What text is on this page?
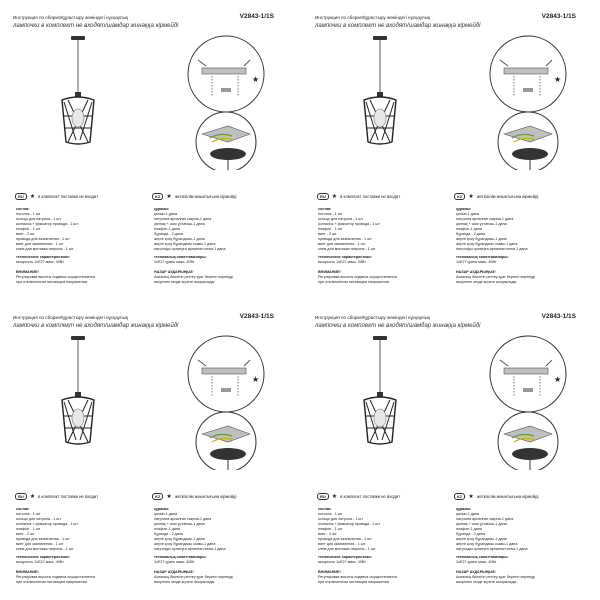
Инструкция по сборке/Құрастыру жөніндегі нұсқаулық	V2843-1/1S
лампочки в комплект не входят/шамдар жинаққа кірмейді
★
RU	★ в комплект поставки не входит	KZ	★ жеткізілім жиынтығына кірмейді
состав:
потолок - 1 шт
кольцо для патрона - 1 шт
колпачок + фиксатор провода - 1 шт
плафон - 1 шт
винт - 2 шт
провода для заземления - 1 шт
винт для заземления - 1 шт
клем для монтажа патрона - 1 шт
құрамы:
қалып-1 дана
патронға арналған сақина-1 дана
қалпақ + сым ұстағыш-1 дана
плафон-1 дана
бұранда - 2 дана
жерге қосу бұрандасы-1 дана
жерге қосу бұрандасы сымы-1 дана
патронды орнатуға арналған клем-1 дана
технические характеристики:
мощность 1хЕ27 макс. 40Вт
техникалық сипаттамалары:
1хЕ27 қуаты макс. 40Вт
ВНИМАНИЕ!
Регулировка высоты подвеса осуществляется
при отключенном питающем напряжении.
НАЗАР АУДАРЫҢЫЗ!
Аспаның биіктігін реттеу қуат беретін кернеуді
өшірілген кезде жүзеге асырылады.
Инструкция по сборке/Құрастыру жөніндегі нұсқаулық	V2843-1/1S
лампочки в комплект не входят/шамдар жинаққа кірмейді
★
RU	★ в комплект поставки не входит	KZ	★ жеткізілім жиынтығына кірмейді
состав:
потолок - 1 шт
кольцо для патрона - 1 шт
колпачок + фиксатор провода - 1 шт
плафон - 1 шт
винт - 2 шт
провода для заземления - 1 шт
винт для заземления - 1 шт
клем для монтажа патрона - 1 шт
құрамы:
қалып-1 дана
патронға арналған сақина-1 дана
қалпақ + сым ұстағыш-1 дана
плафон-1 дана
бұранда - 2 дана
жерге қосу бұрандасы-1 дана
жерге қосу бұрандасы сымы-1 дана
патронды орнатуға арналған клем-1 дана
технические характеристики:
мощность 1хЕ27 макс. 40Вт
техникалық сипаттамалары:
1хЕ27 қуаты макс. 40Вт
ВНИМАНИЕ!
Регулировка высоты подвеса осуществляется
при отключенном питающем напряжении.
НАЗАР АУДАРЫҢЫЗ!
Аспаның биіктігін реттеу қуат беретін кернеуді
өшірілген кезде жүзеге асырылады.
Инструкция по сборке/Құрастыру жөніндегі нұсқаулық	V2843-1/1S
лампочки в комплект не входят/шамдар жинаққа кірмейді
★
RU	★ в комплект поставки не входит	KZ	★ жеткізілім жиынтығына кірмейді
состав:
потолок - 1 шт
кольцо для патрона - 1 шт
колпачок + фиксатор провода - 1 шт
плафон - 1 шт
винт - 2 шт
провода для заземления - 1 шт
винт для заземления - 1 шт
клем для монтажа патрона - 1 шт
құрамы:
қалып-1 дана
патронға арналған сақина-1 дана
қалпақ + сым ұстағыш-1 дана
плафон-1 дана
бұранда - 2 дана
жерге қосу бұрандасы-1 дана
жерге қосу бұрандасы сымы-1 дана
патронды орнатуға арналған клем-1 дана
технические характеристики:
мощность 1хЕ27 макс. 40Вт
техникалық сипаттамалары:
1хЕ27 қуаты макс. 40Вт
ВНИМАНИЕ!
Регулировка высоты подвеса осуществляется
при отключенном питающем напряжении.
НАЗАР АУДАРЫҢЫЗ!
Аспаның биіктігін реттеу қуат беретін кернеуді
өшірілген кезде жүзеге асырылады.
Инструкция по сборке/Құрастыру жөніндегі нұсқаулық	V2843-1/1S
лампочки в комплект не входят/шамдар жинаққа кірмейді
★
RU	★ в комплект поставки не входит	KZ	★ жеткізілім жиынтығына кірмейді
состав:
потолок - 1 шт
кольцо для патрона - 1 шт
колпачок + фиксатор провода - 1 шт
плафон - 1 шт
винт - 2 шт
провода для заземления - 1 шт
винт для заземления - 1 шт
клем для монтажа патрона - 1 шт
құрамы:
қалып-1 дана
патронға арналған сақина-1 дана
қалпақ + сым ұстағыш-1 дана
плафон-1 дана
бұранда - 2 дана
жерге қосу бұрандасы-1 дана
жерге қосу бұрандасы сымы-1 дана
патронды орнатуға арналған клем-1 дана
технические характеристики:
мощность 1хЕ27 макс. 40Вт
техникалық сипаттамалары:
1хЕ27 қуаты макс. 40Вт
ВНИМАНИЕ!
Регулировка высоты подвеса осуществляется
при отключенном питающем напряжении.
НАЗАР АУДАРЫҢЫЗ!
Аспаның биіктігін реттеу қуат беретін кернеуді
өшірілген кезде жүзеге асырылады.
